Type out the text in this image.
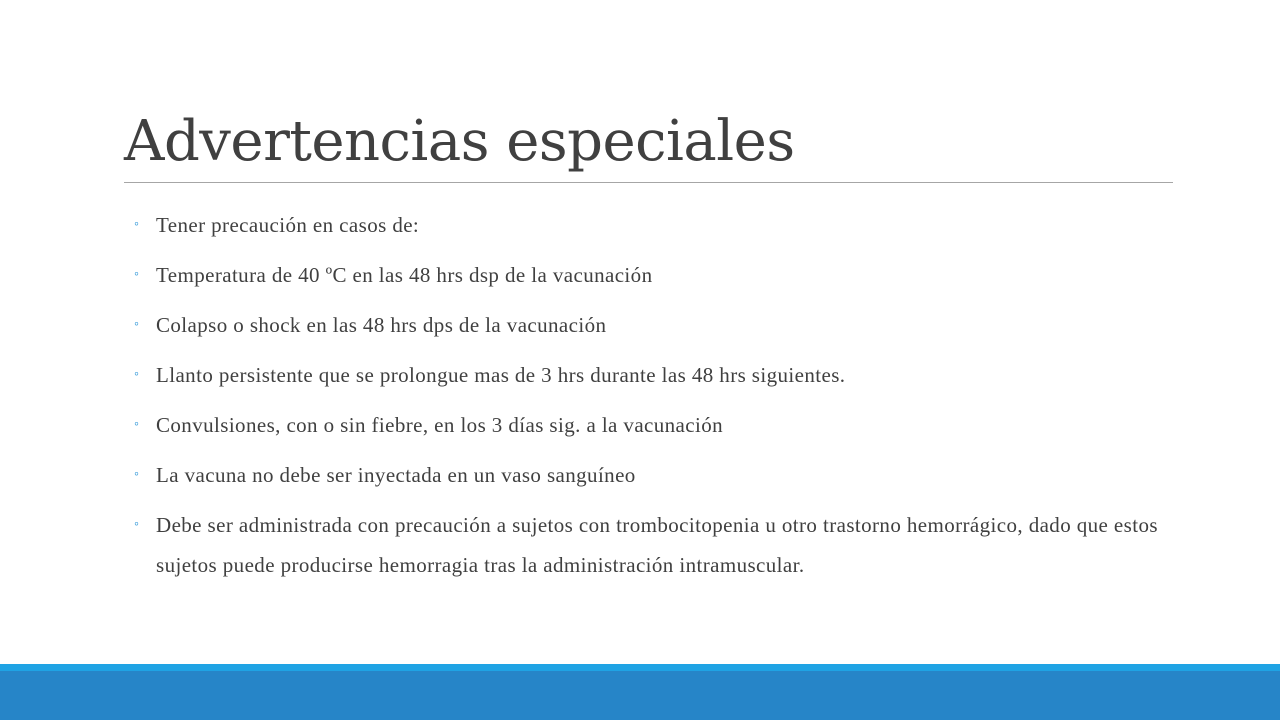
Advertencias especiales
◦ Tener precaución en casos de:
◦ Temperatura de 40 ºC en las 48 hrs dsp de la vacunación
◦ Colapso o shock en las 48 hrs dps de la vacunación
◦ Llanto persistente que se prolongue mas de 3 hrs durante las 48 hrs siguientes.
◦ Convulsiones, con o sin fiebre, en los 3 días sig. a la vacunación
◦ La vacuna no debe ser inyectada en un vaso sanguíneo
◦ Debe ser administrada con precaución a sujetos con trombocitopenia u otro trastorno hemorrágico, dado que estos sujetos puede producirse hemorragia tras la administración intramuscular.
